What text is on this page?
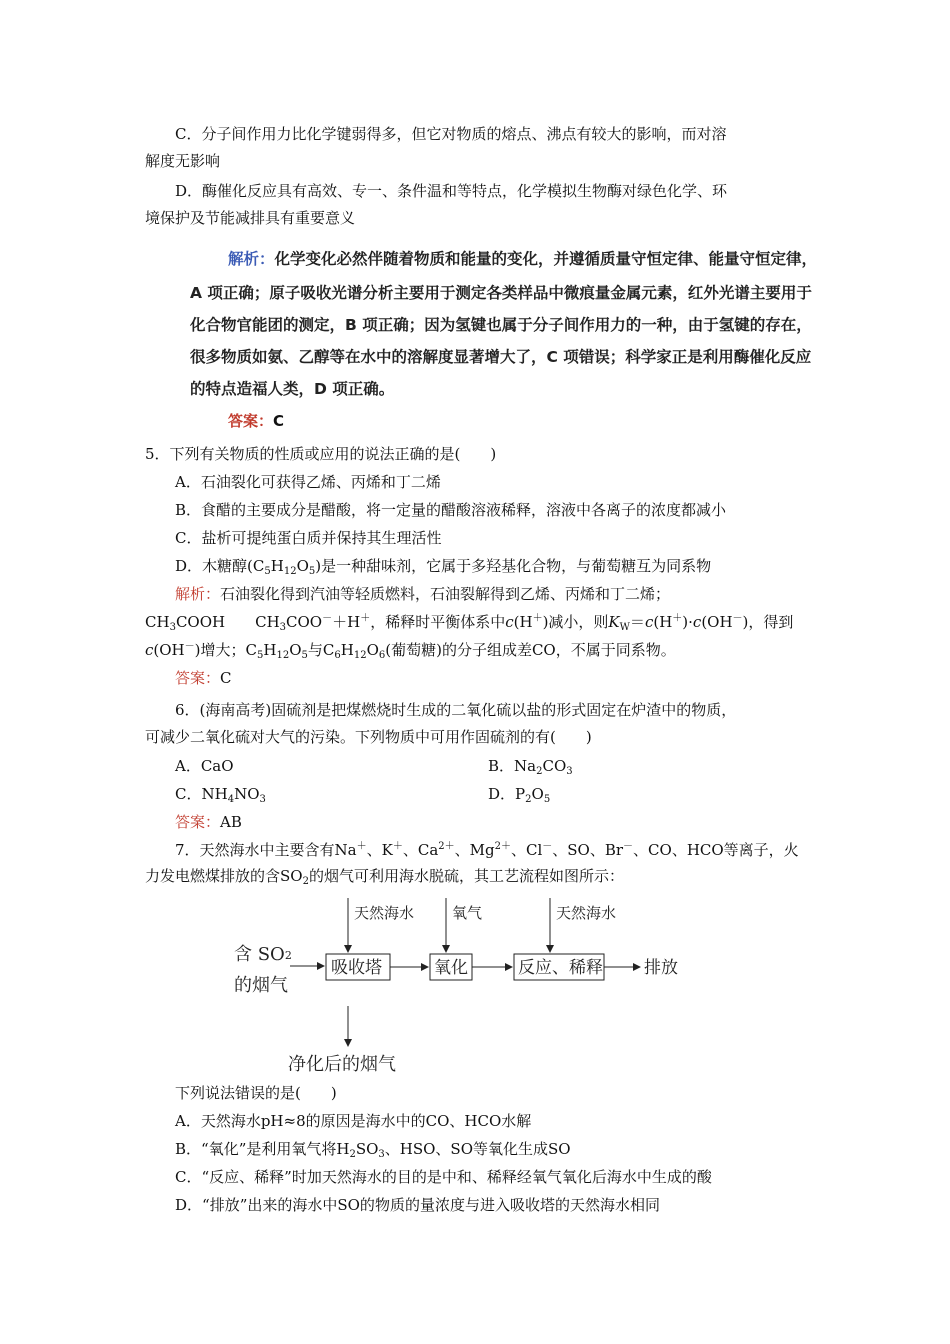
C．分子间作用力比化学键弱得多，但它对物质的熔点、沸点有较大的影响，而对溶
解度无影响
D．酶催化反应具有高效、专一、条件温和等特点，化学模拟生物酶对绿色化学、环
境保护及节能减排具有重要意义
解析：化学变化必然伴随着物质和能量的变化，并遵循质量守恒定律、能量守恒定律，
A 项正确；原子吸收光谱分析主要用于测定各类样品中微痕量金属元素，红外光谱主要用于
化合物官能团的测定，B 项正确；因为氢键也属于分子间作用力的一种，由于氢键的存在，
很多物质如氨、乙醇等在水中的溶解度显著增大了，C 项错误；科学家正是利用酶催化反应
的特点造福人类，D 项正确。
答案：C
5．下列有关物质的性质或应用的说法正确的是(　　)
A．石油裂化可获得乙烯、丙烯和丁二烯
B．食醋的主要成分是醋酸，将一定量的醋酸溶液稀释，溶液中各离子的浓度都减小
C．盐析可提纯蛋白质并保持其生理活性
D．木糖醇$(C_5H_{12}O_5)$是一种甜味剂，它属于多羟基化合物，与葡萄糖互为同系物
解析：石油裂化得到汽油等轻质燃料，石油裂解得到乙烯、丙烯和丁二烯；
$CH_3COOH$ $CH_3COO^-+H^+$，稀释时平衡体系中c(H＋)减小，则$K_W=c(H^+)\cdot c(OH^-)$，得到
c(OH－)增大；$C_5H_{12}O_5$与$C_6H_{12}O_6$(葡萄糖)的分子组成差CO，不属于同系物。
答案：C
6．(海南高考)固硫剂是把煤燃烧时生成的二氧化硫以盐的形式固定在炉渣中的物质，
可减少二氧化硫对大气的污染。下列物质中可用作固硫剂的有(　　)
A．CaO	B．$Na_2CO_3$
C．$NH_4NO_3$	D．$P_2O_5$
答案：AB
7．天然海水中主要含有Na＋、K＋、$Ca^{2+}$、$Mg^{2+}$、Cl－、SO、Br－、CO、HCO等离子，火
力发电燃煤排放的含$SO_2$的烟气可利用海水脱硫，其工艺流程如图所示：
含 SO2
的烟气
吸收塔	氧化	反应、稀释 排放
天然海水	氧气	天然海水
净化后的烟气
下列说法错误的是(　　)
A．天然海水pH≈8的原因是海水中的CO、HCO水解
B．“氧化”是利用氧气将$H_2SO_3$、HSO、SO等氧化生成SO
C．“反应、稀释”时加天然海水的目的是中和、稀释经氧气氧化后海水中生成的酸
D．“排放”出来的海水中SO的物质的量浓度与进入吸收塔的天然海水相同
